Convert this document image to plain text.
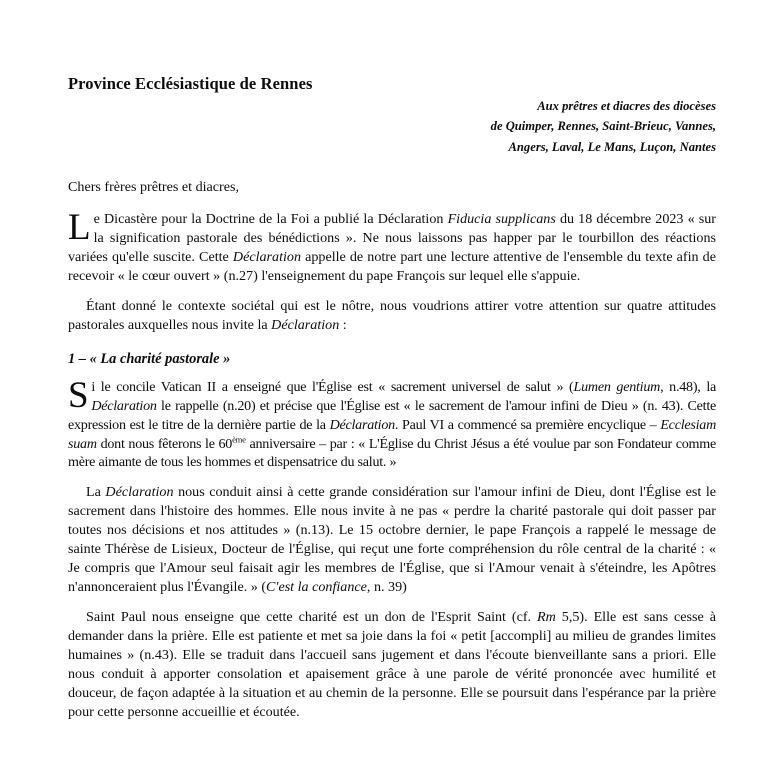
Province Ecclésiastique de Rennes
Aux prêtres et diacres des diocèses
de Quimper, Rennes, Saint-Brieuc, Vannes,
Angers, Laval, Le Mans, Luçon, Nantes

Chers frères prêtres et diacres,

Le Dicastère pour la Doctrine de la Foi a publié la Déclaration Fiducia supplicans du 18 décembre 2023 « sur la signification pastorale des bénédictions ». Ne nous laissons pas happer par le tourbillon des réactions variées qu'elle suscite. Cette Déclaration appelle de notre part une lecture attentive de l'ensemble du texte afin de recevoir « le cœur ouvert » (n.27) l'enseignement du pape François sur lequel elle s'appuie.

Étant donné le contexte sociétal qui est le nôtre, nous voudrions attirer votre attention sur quatre attitudes pastorales auxquelles nous invite la Déclaration :

1 – « La charité pastorale »

Si le concile Vatican II a enseigné que l'Église est « sacrement universel de salut » (Lumen gentium, n.48), la Déclaration le rappelle (n.20) et précise que l'Église est « le sacrement de l'amour infini de Dieu » (n. 43). Cette expression est le titre de la dernière partie de la Déclaration. Paul VI a commencé sa première encyclique – Ecclesiam suam dont nous fêterons le 60ème anniversaire – par : « L'Église du Christ Jésus a été voulue par son Fondateur comme mère aimante de tous les hommes et dispensatrice du salut. »

La Déclaration nous conduit ainsi à cette grande considération sur l'amour infini de Dieu, dont l'Église est le sacrement dans l'histoire des hommes. Elle nous invite à ne pas « perdre la charité pastorale qui doit passer par toutes nos décisions et nos attitudes » (n.13). Le 15 octobre dernier, le pape François a rappelé le message de sainte Thérèse de Lisieux, Docteur de l'Église, qui reçut une forte compréhension du rôle central de la charité : « Je compris que l'Amour seul faisait agir les membres de l'Église, que si l'Amour venait à s'éteindre, les Apôtres n'annonceraient plus l'Évangile. » (C'est la confiance, n. 39)

Saint Paul nous enseigne que cette charité est un don de l'Esprit Saint (cf. Rm 5,5). Elle est sans cesse à demander dans la prière. Elle est patiente et met sa joie dans la foi « petit [accompli] au milieu de grandes limites humaines » (n.43). Elle se traduit dans l'accueil sans jugement et dans l'écoute bienveillante sans a priori. Elle nous conduit à apporter consolation et apaisement grâce à une parole de vérité prononcée avec humilité et douceur, de façon adaptée à la situation et au chemin de la personne. Elle se poursuit dans l'espérance par la prière pour cette personne accueillie et écoutée.
